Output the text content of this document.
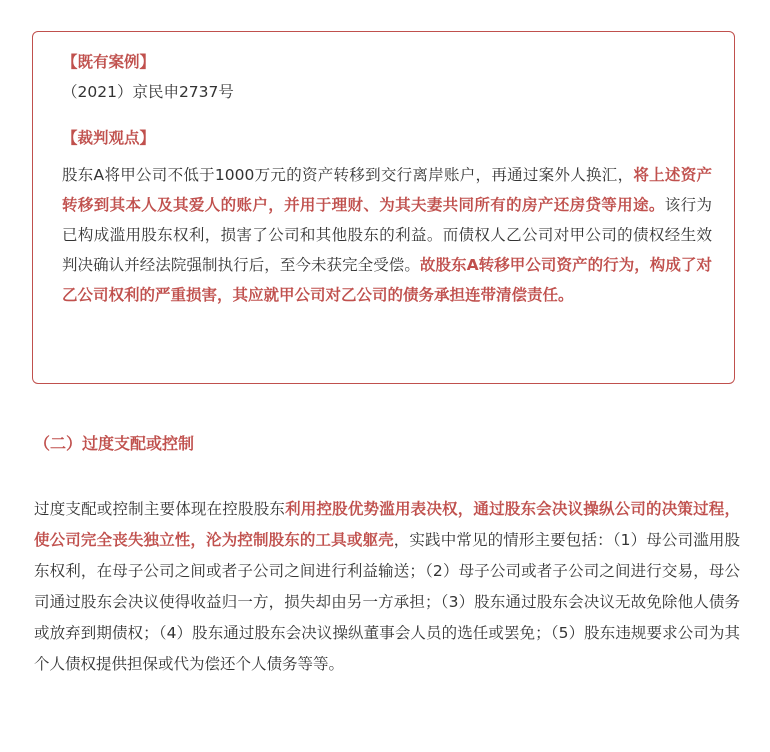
【既有案例】

（2021）京民申2737号

【裁判观点】

股东A将甲公司不低于1000万元的资产转移到交行离岸账户，再通过案外人换汇，将上述资产转移到其本人及其爱人的账户，并用于理财、为其夫妻共同所有的房产还房贷等用途。该行为已构成滥用股东权利，损害了公司和其他股东的利益。而债权人乙公司对甲公司的债权经生效判决确认并经法院强制执行后，至今未获完全受偿。故股东A转移甲公司资产的行为，构成了对乙公司权利的严重损害，其应就甲公司对乙公司的债务承担连带清偿责任。

（二）过度支配或控制

过度支配或控制主要体现在控股股东利用控股优势滥用表决权，通过股东会决议操纵公司的决策过程，使公司完全丧失独立性，沦为控制股东的工具或躯壳，实践中常见的情形主要包括：（1）母公司滥用股东权利，在母子公司之间或者子公司之间进行利益输送；（2）母子公司或者子公司之间进行交易，母公司通过股东会决议使得收益归一方，损失却由另一方承担；（3）股东通过股东会决议无故免除他人债务或放弃到期债权；（4）股东通过股东会决议操纵董事会人员的选任或罢免；（5）股东违规要求公司为其个人债权提供担保或代为偿还个人债务等等。
